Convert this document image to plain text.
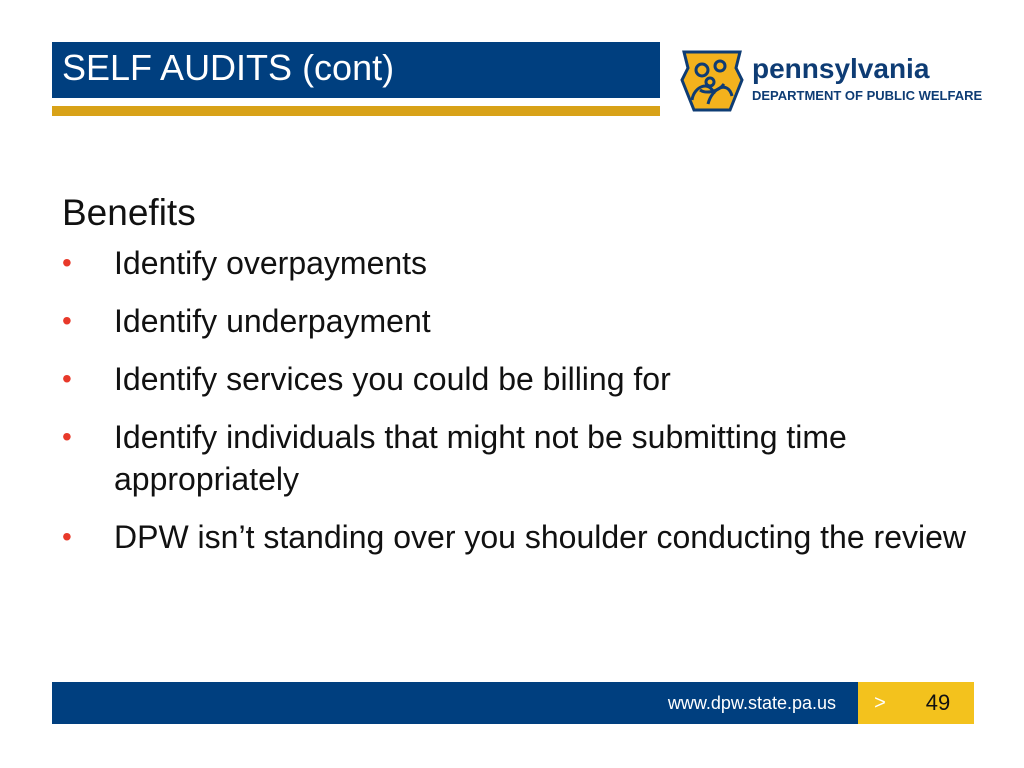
SELF AUDITS (cont)	pennsylvania
DEPARTMENT OF PUBLIC WELFARE
Benefits
• Identify overpayments
• Identify underpayment
• Identify services you could be billing for
• Identify individuals that might not be submitting time appropriately
• DPW isn’t standing over you shoulder conducting the review
www.dpw.state.pa.us	>	49
